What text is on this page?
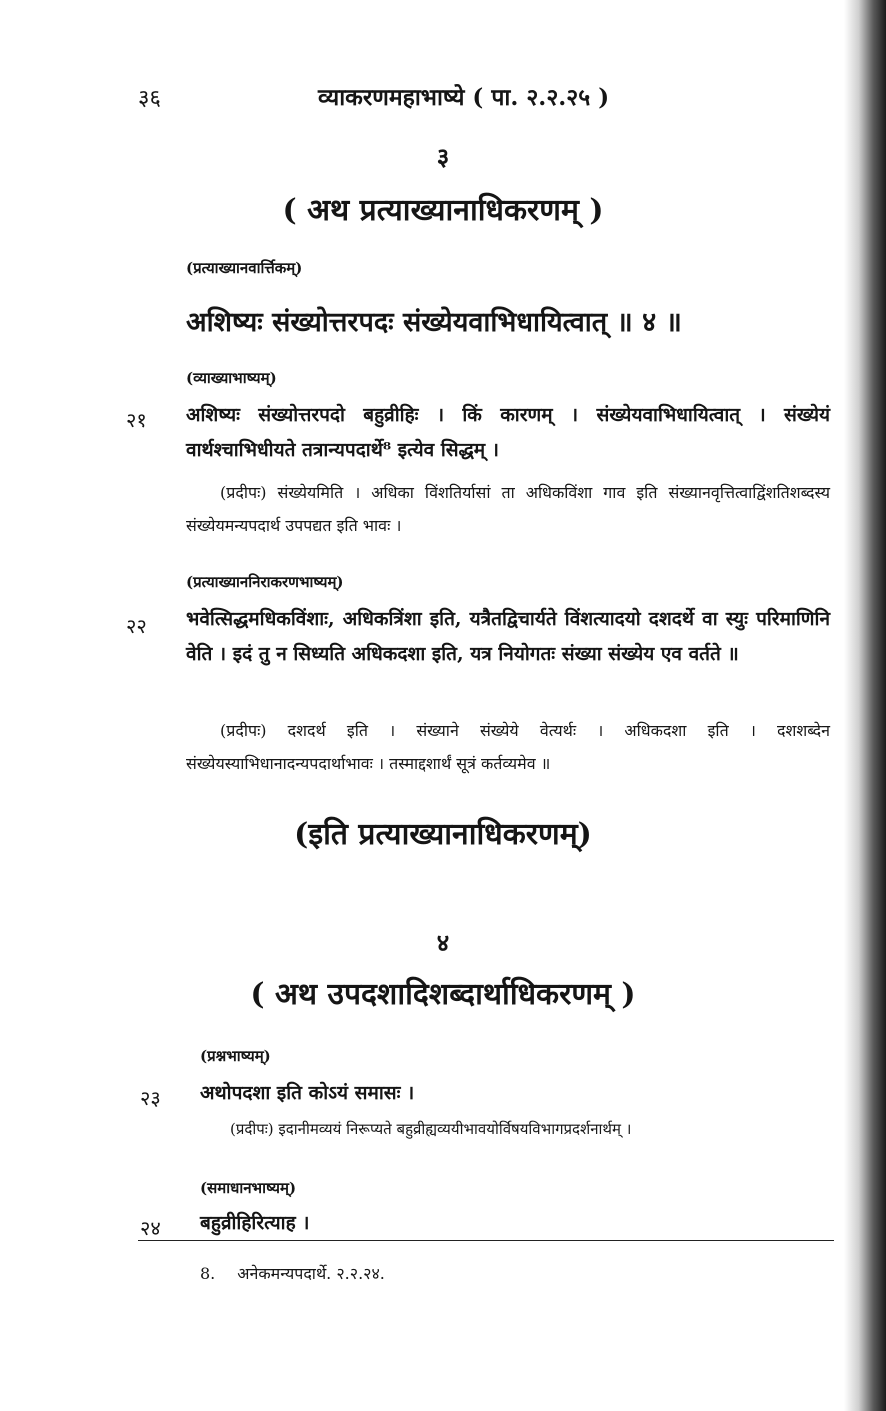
३६	व्याकरणमहाभाष्ये ( पा. २.२.२५ )
३
( अथ प्रत्याख्यानाधिकरणम् )
(प्रत्याख्यानवार्त्तिकम्)
अशिष्यः संख्योत्तरपदः संख्येयवाभिधायित्वात् ॥ ४ ॥
(व्याख्याभाष्यम्)
२१ अशिष्यः संख्योत्तरपदो बहुव्रीहिः । किं कारणम् । संख्येयवाभिधायित्वात् । संख्येयं वार्थश्चाभिधीयते तत्रान्यपदार्थे⁸ इत्येव सिद्धम् ।
(प्रदीपः) संख्येयमिति । अधिका विंशतिर्यासां ता अधिकविंशा गाव इति संख्यानवृत्तित्वाद्विंशतिशब्दस्य संख्येयमन्यपदार्थ उपपद्यत इति भावः ।
(प्रत्याख्याननिराकरणभाष्यम्)
२२ भवेत्सिद्धमधिकविंशाः, अधिकत्रिंशा इति, यत्रैतद्विचार्यते विंशत्यादयो दशदर्थे वा स्युः परिमाणिनि वेति । इदं तु न सिध्यति अधिकदशा इति, यत्र नियोगतः संख्या संख्येय एव वर्तते ॥
(प्रदीपः) दशदर्थ इति । संख्याने संख्येये वेत्यर्थः । अधिकदशा इति । दशशब्देन संख्येयस्याभिधानादन्यपदार्थाभावः । तस्माद्दशार्थं सूत्रं कर्तव्यमेव ॥
(इति प्रत्याख्यानाधिकरणम्)
४
( अथ उपदशादिशब्दार्थाधिकरणम् )
(प्रश्नभाष्यम्)
२३ अथोपदशा इति कोऽयं समासः ।
(प्रदीपः) इदानीमव्ययं निरूप्यते बहुव्रीह्यव्ययीभावयोर्विषयविभागप्रदर्शनार्थम् ।
(समाधानभाष्यम्)
२४ बहुव्रीहिरित्याह ।
8. अनेकमन्यपदार्थे. २.२.२४.
